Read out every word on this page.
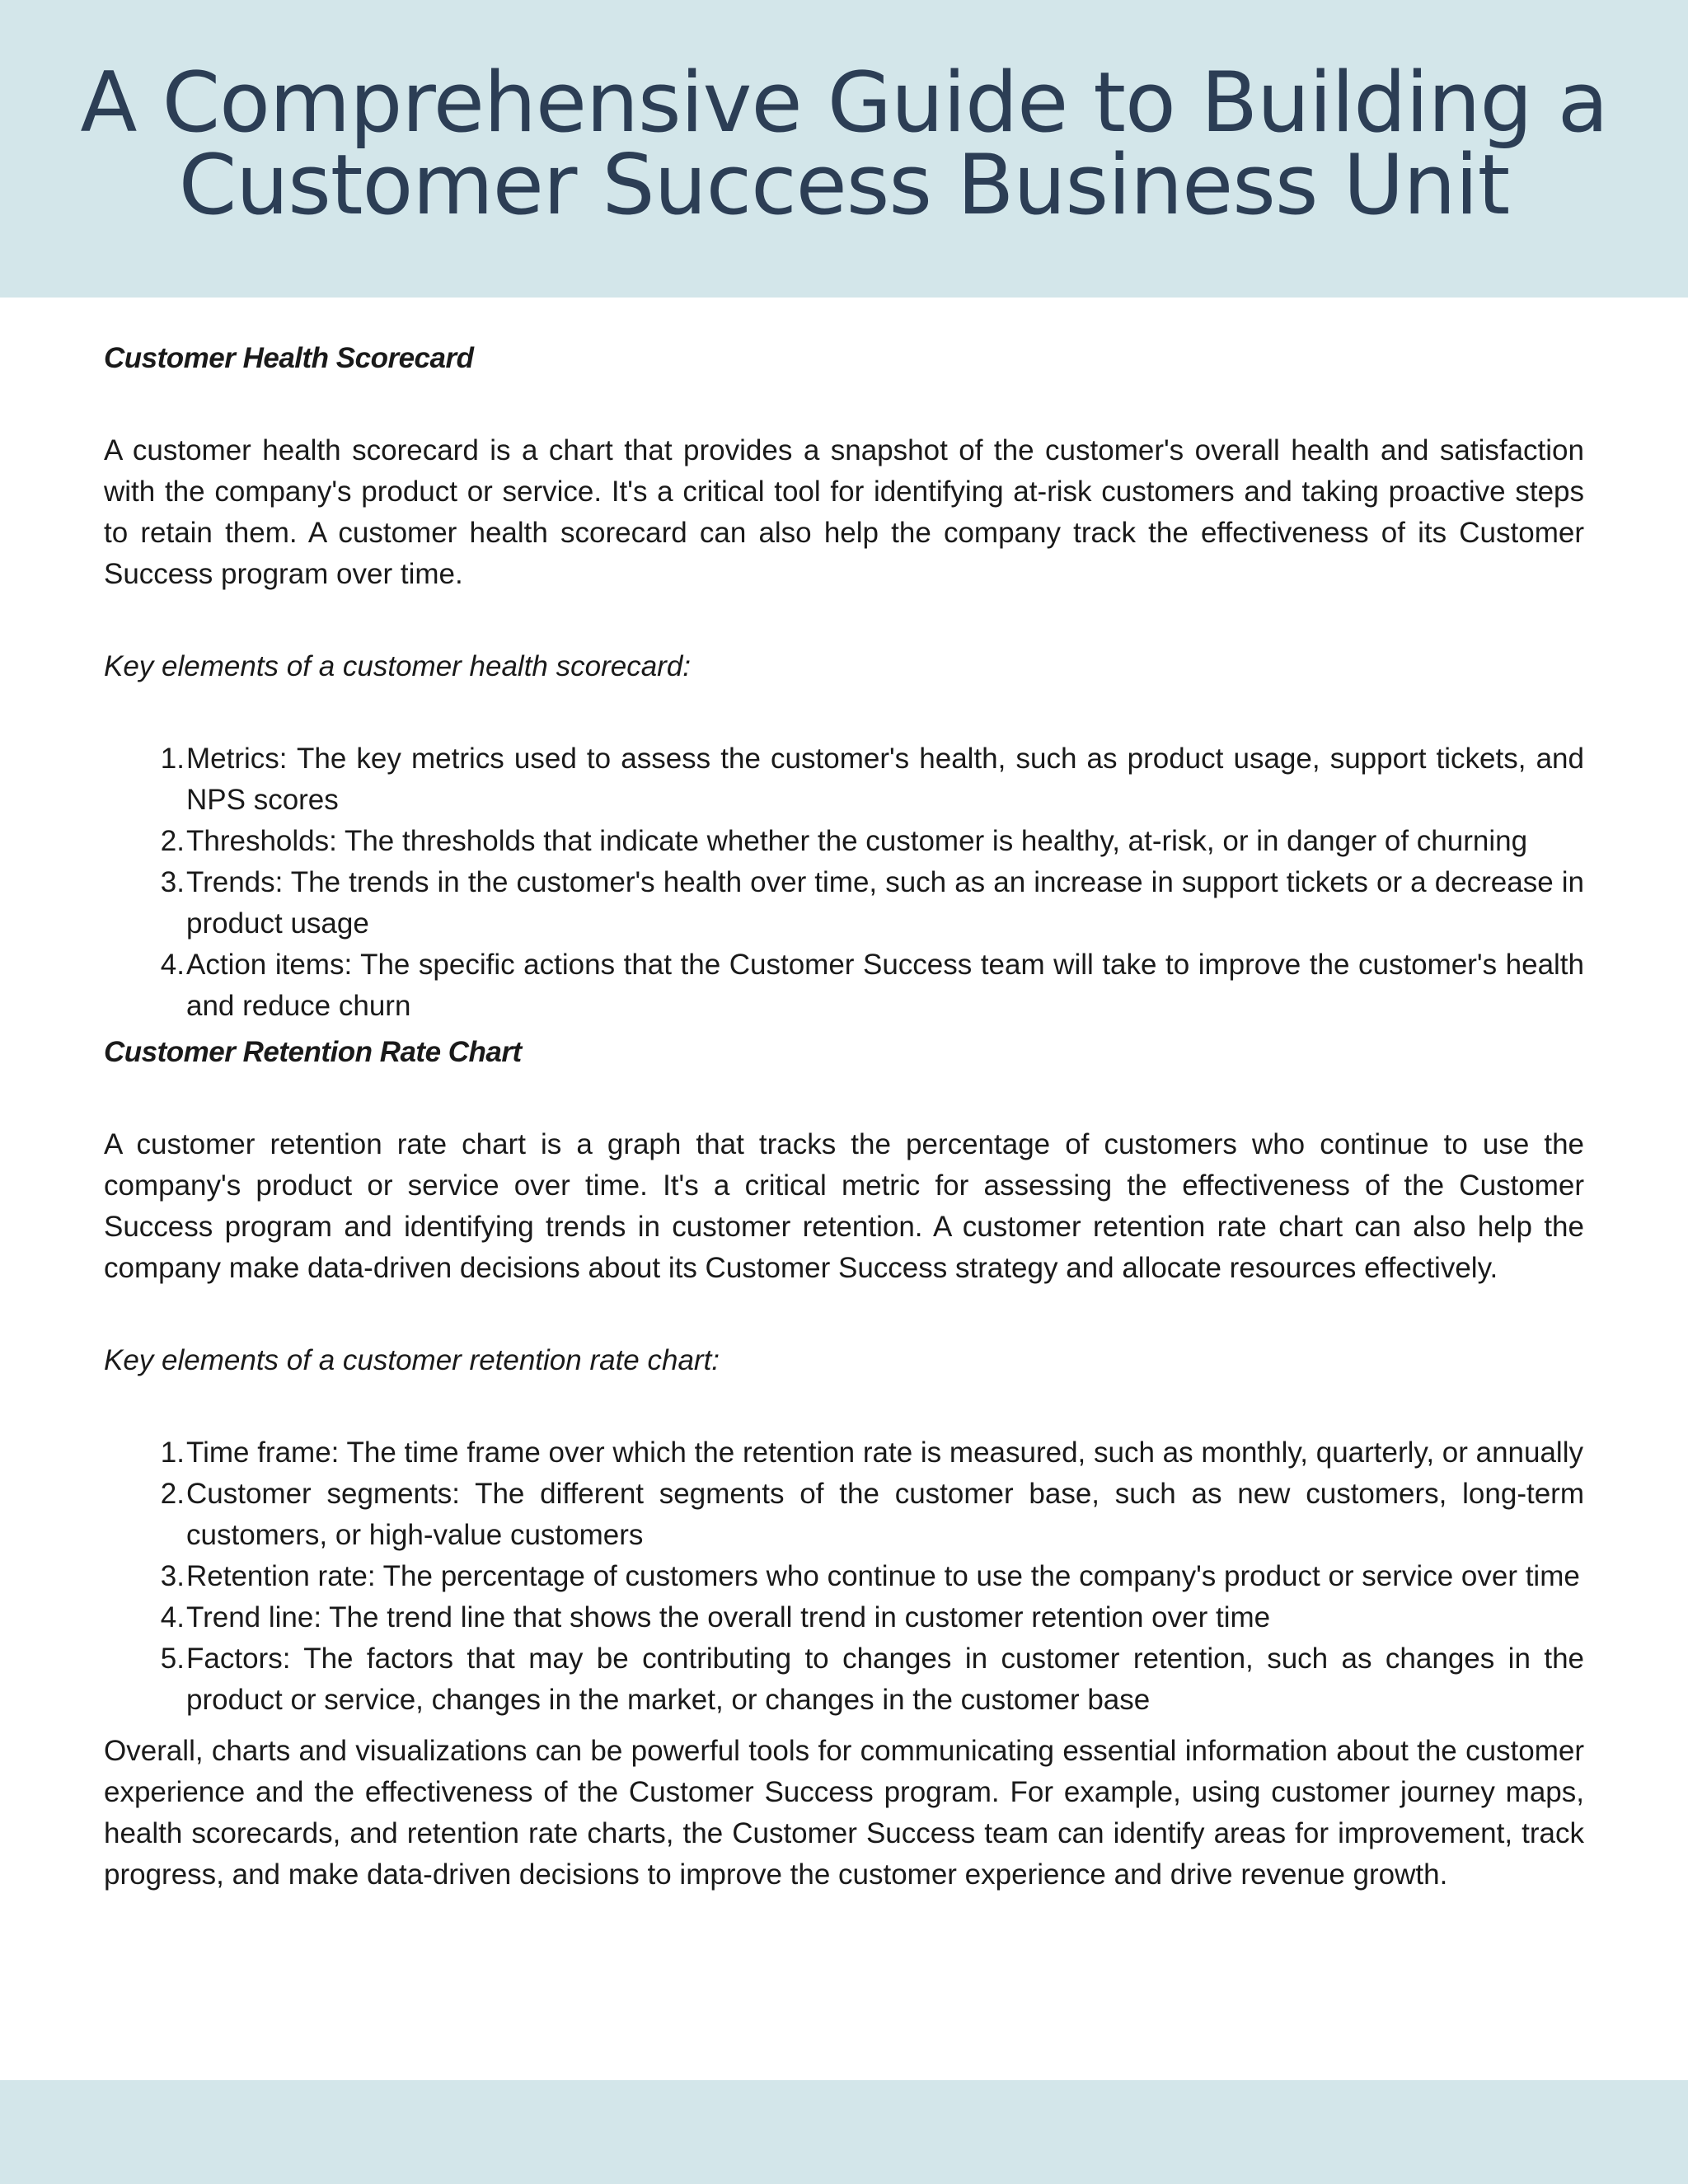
A Comprehensive Guide to Building a Customer Success Business Unit
Customer Health Scorecard

A customer health scorecard is a chart that provides a snapshot of the customer's overall health and satisfaction with the company's product or service. It's a critical tool for identifying at-risk customers and taking proactive steps to retain them. A customer health scorecard can also help the company track the effectiveness of its Customer Success program over time.

Key elements of a customer health scorecard:

1. Metrics: The key metrics used to assess the customer's health, such as product usage, support tickets, and NPS scores
2. Thresholds: The thresholds that indicate whether the customer is healthy, at-risk, or in danger of churning
3. Trends: The trends in the customer's health over time, such as an increase in support tickets or a decrease in product usage
4. Action items: The specific actions that the Customer Success team will take to improve the customer's health and reduce churn
Customer Retention Rate Chart

A customer retention rate chart is a graph that tracks the percentage of customers who continue to use the company's product or service over time. It's a critical metric for assessing the effectiveness of the Customer Success program and identifying trends in customer retention. A customer retention rate chart can also help the company make data-driven decisions about its Customer Success strategy and allocate resources effectively.

Key elements of a customer retention rate chart:

1. Time frame: The time frame over which the retention rate is measured, such as monthly, quarterly, or annually
2. Customer segments: The different segments of the customer base, such as new customers, long-term customers, or high-value customers
3. Retention rate: The percentage of customers who continue to use the company's product or service over time
4. Trend line: The trend line that shows the overall trend in customer retention over time
5. Factors: The factors that may be contributing to changes in customer retention, such as changes in the product or service, changes in the market, or changes in the customer base

Overall, charts and visualizations can be powerful tools for communicating essential information about the customer experience and the effectiveness of the Customer Success program. For example, using customer journey maps, health scorecards, and retention rate charts, the Customer Success team can identify areas for improvement, track progress, and make data-driven decisions to improve the customer experience and drive revenue growth.
